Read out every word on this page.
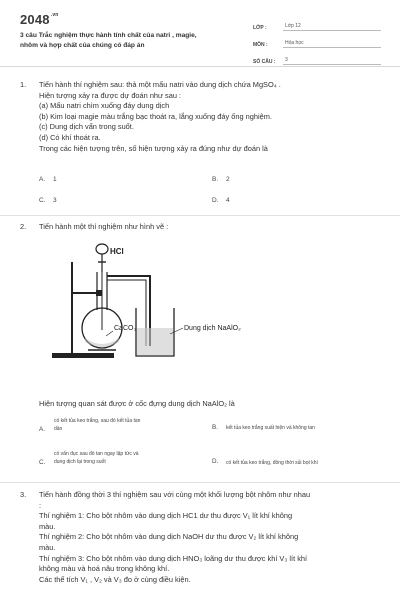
$2048^{.vn}$
3 câu Trắc nghiệm thực hành tính chất của natri , magie,
nhôm và hợp chất của chúng có đáp án
LỚP :	Lớp 12
MÔN :	Hóa học
SỐ CÂU :	3
1. Tiến hành thí nghiệm sau: thả một mẩu natri vào dung dịch chứa MgSO₄ .
Hiện tượng xảy ra được dự đoán như sau :
(a) Mẩu natri chìm xuống đáy dung dịch
(b) Kim loại magie màu trắng bạc thoát ra, lắng xuống đáy ống nghiệm.
(c) Dung dịch vẩn trong suốt.
(d) Có khí thoát ra.
Trong các hiện tượng trên, số hiện tượng xảy ra đúng như dự đoán là
A. 1	B. 2
C. 3	D. 4
2. Tiến hành một thí nghiệm như hình vẽ :
HCl
CaCO₃	Dung dịch NaAlO₂
Hiện tượng quan sát được ở cốc đựng dung dịch NaAlO₂ là
A.
có kết tủa keo trắng, sau đó kết tủa tan
dần	B. kết tủa keo trắng xuất hiện và không tan
C.
có vẩn đục sau đó tan ngay lập tức và
dung dịch lại trong suốt	D. có kết tủa keo trắng, đồng thời sủi bọt khí
3. Tiến hành đồng thời 3 thí nghiệm sau với cùng một khối lượng bột nhôm như nhau
:
Thí nghiệm 1: Cho bột nhôm vào dung dịch HC1 dư thu được V₁ lít khí không
màu.
Thí nghiệm 2: Cho bột nhôm vào dung dịch NaOH dư thu được V₂ lít khí không
màu.
Thí nghiệm 3: Cho bột nhôm vào dung dịch HNO₃ loãng dư thu được khí V₃ lít khí
không màu và hoá nâu trong không khí.
Các thể tích V₁ , V₂ và V₃ đo ở cùng điều kiện.
